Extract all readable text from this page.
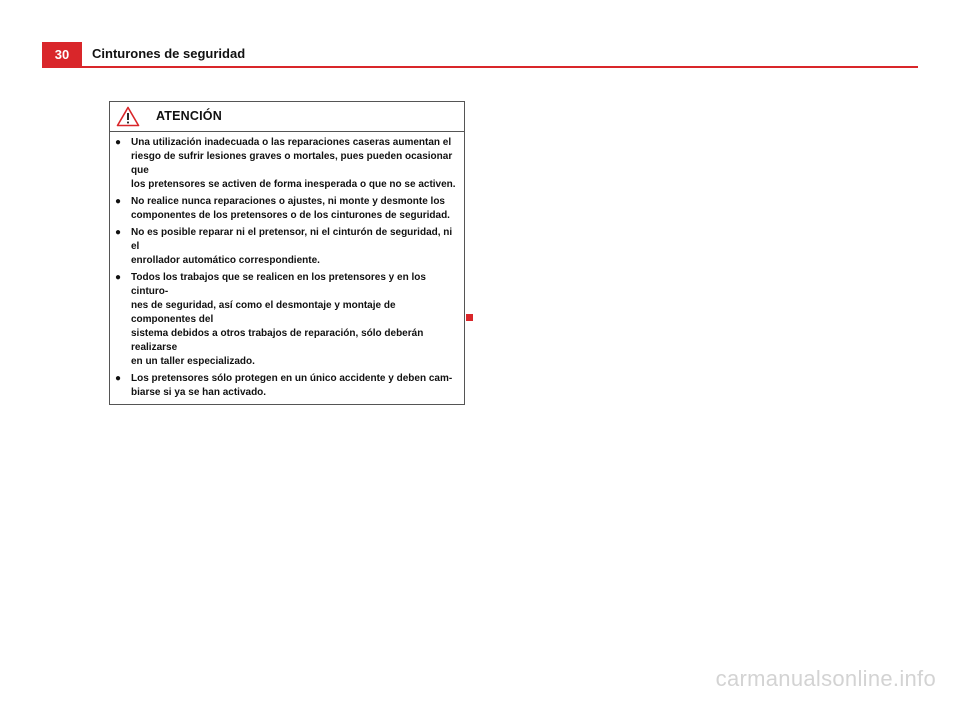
30	Cinturones de seguridad
ATENCIÓN
● Una utilización inadecuada o las reparaciones caseras aumentan el
riesgo de sufrir lesiones graves o mortales, pues pueden ocasionar que
los pretensores se activen de forma inesperada o que no se activen.
● No realice nunca reparaciones o ajustes, ni monte y desmonte los
componentes de los pretensores o de los cinturones de seguridad.
● No es posible reparar ni el pretensor, ni el cinturón de seguridad, ni el
enrollador automático correspondiente.
● Todos los trabajos que se realicen en los pretensores y en los cinturo-
nes de seguridad, así como el desmontaje y montaje de componentes del
sistema debidos a otros trabajos de reparación, sólo deberán realizarse
en un taller especializado.
● Los pretensores sólo protegen en un único accidente y deben cam-
biarse si ya se han activado.
carmanualsonline.info
